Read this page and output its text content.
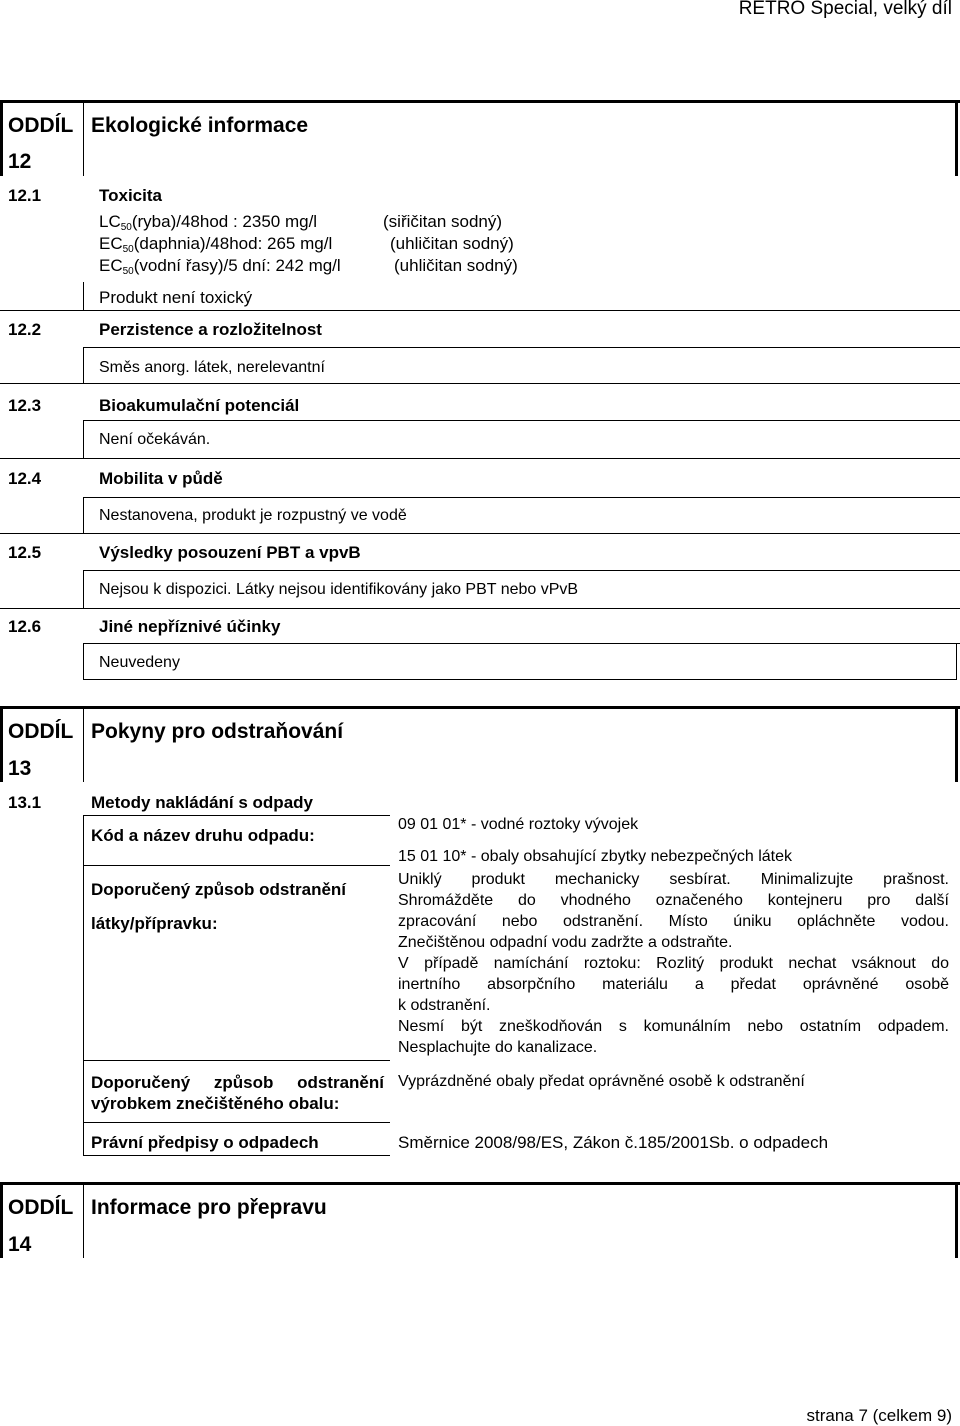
RETRO Special, velký díl
ODDÍL
12
Ekologické informace
12.1	Toxicita
$LC_{50}(ryba)/48hod$ : 2350 mg/l	(siřičitan sodný)
$EC_{50}(daphnia)/48hod$: 265 mg/l	(uhličitan sodný)
$EC_{50}(vodní$ řasy)/5 dní: 242 mg/l	(uhličitan sodný)
Produkt není toxický
12.2	Perzistence a rozložitelnost
Směs anorg. látek, nerelevantní
12.3	Bioakumulační potenciál
Není očekáván.
12.4	Mobilita v půdě
Nestanovena, produkt je rozpustný ve vodě
12.5	Výsledky posouzení PBT a vpvB
Nejsou k dispozici. Látky nejsou identifikovány jako PBT nebo vPvB
12.6	Jiné nepříznivé účinky
Neuvedeny
ODDÍL
13
Pokyny pro odstraňování
13.1	Metody nakládání s odpady
Kód a název druhu odpadu:
09 01 01* - vodné roztoky vývojek
15 01 10* - obaly obsahující zbytky nebezpečných látek
Doporučený způsob odstranění
látky/přípravku:
Uniklý produkt mechanicky sesbírat. Minimalizujte prašnost.
Shromážděte do vhodného označeného kontejneru pro další
zpracování nebo odstranění. Místo úniku opláchněte vodou.
Znečištěnou odpadní vodu zadržte a odstraňte.
V případě namíchání roztoku: Rozlitý produkt nechat vsáknout do
inertního absorpčního materiálu a předat oprávněné osobě
k odstranění.
Nesmí být zneškodňován s komunálním nebo ostatním odpadem.
Nesplachujte do kanalizace.
Doporučený způsob odstranění
výrobkem znečištěného obalu:
Vyprázdněné obaly předat oprávněné osobě k odstranění
Právní předpisy o odpadech	Směrnice 2008/98/ES, Zákon č.185/2001Sb. o odpadech
ODDÍL
14
Informace pro přepravu
strana 7 (celkem 9)
